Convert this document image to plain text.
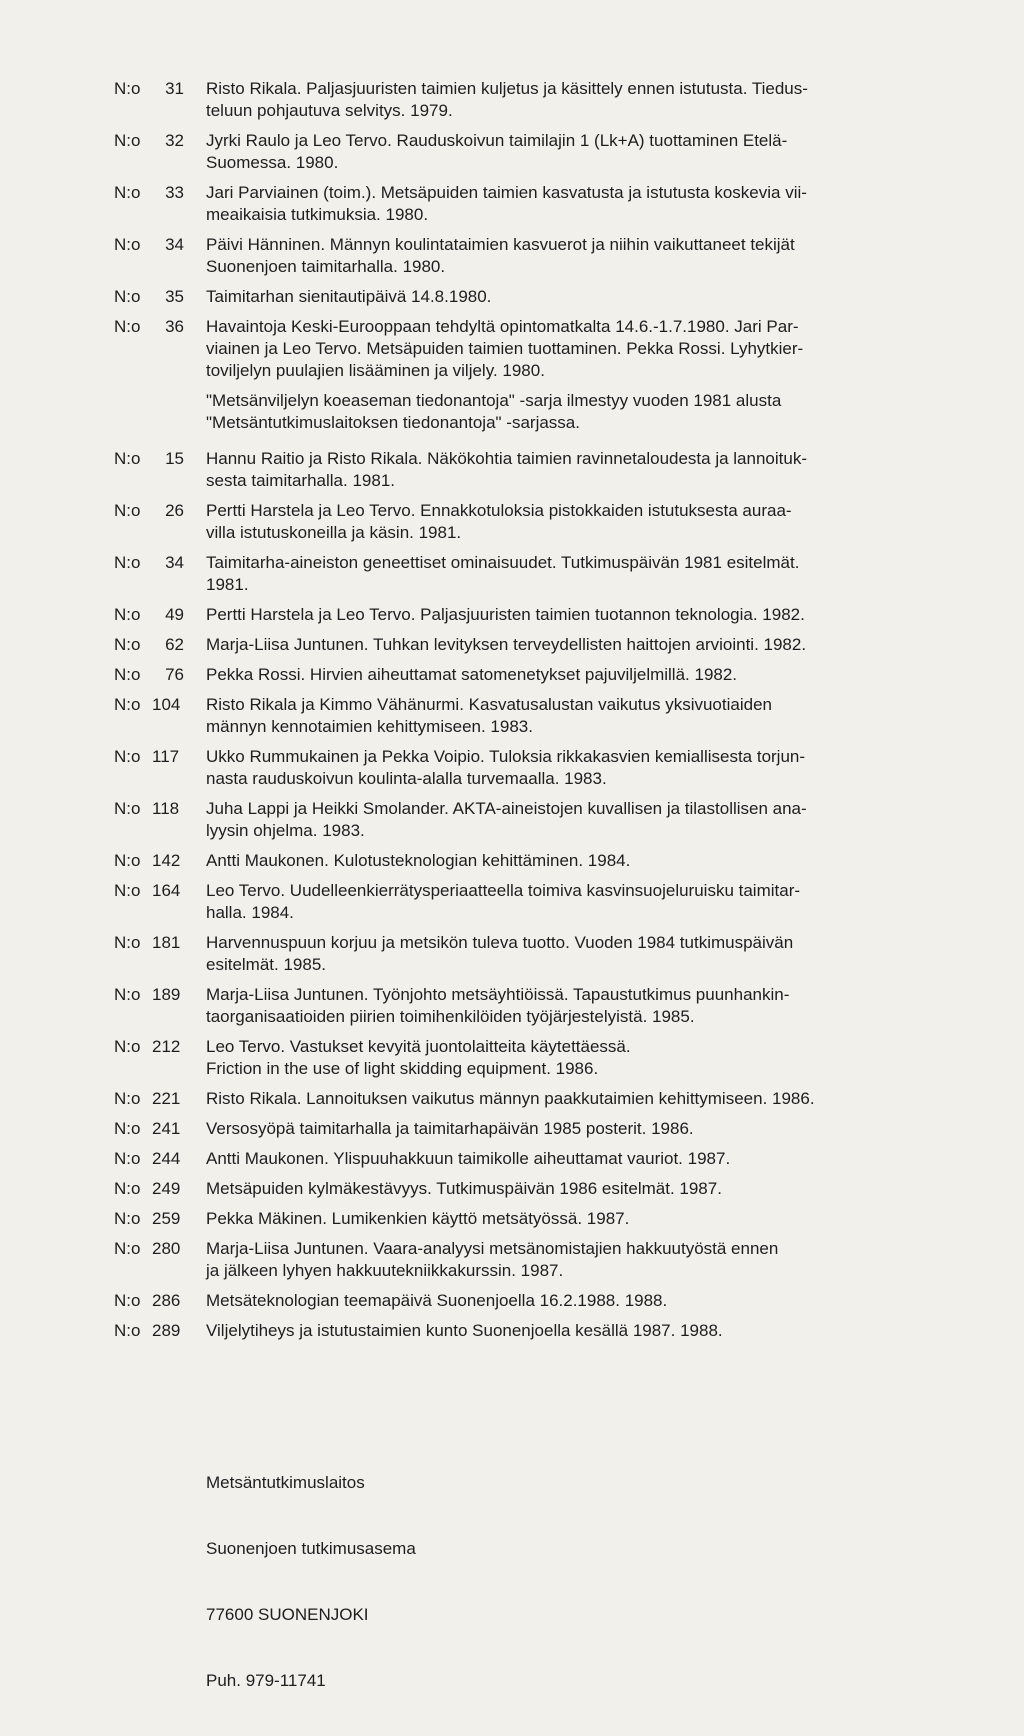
N:o	31	Risto Rikala. Paljasjuuristen taimien kuljetus ja käsittely ennen istutusta. Tiedus-
teluun pohjautuva selvitys. 1979.
N:o	32	Jyrki Raulo ja Leo Tervo. Rauduskoivun taimilajin 1 (Lk+A) tuottaminen Etelä-
Suomessa. 1980.
N:o	33	Jari Parviainen (toim.). Metsäpuiden taimien kasvatusta ja istutusta koskevia vii-
meaikaisia tutkimuksia. 1980.
N:o	34	Päivi Hänninen. Männyn koulintataimien kasvuerot ja niihin vaikuttaneet tekijät
Suonenjoen taimitarhalla. 1980.
N:o	35	Taimitarhan sienitautipäivä 14.8.1980.
N:o	36	Havaintoja Keski-Eurooppaan tehdyltä opintomatkalta 14.6.-1.7.1980. Jari Par-
viainen ja Leo Tervo. Metsäpuiden taimien tuottaminen. Pekka Rossi. Lyhytkier-
toviljelyn puulajien lisääminen ja viljely. 1980.
"Metsänviljelyn koeaseman tiedonantoja" -sarja ilmestyy vuoden 1981 alusta
"Metsäntutkimuslaitoksen tiedonantoja" -sarjassa.
N:o	15	Hannu Raitio ja Risto Rikala. Näkökohtia taimien ravinnetaloudesta ja lannoituk-
sesta taimitarhalla. 1981.
N:o	26	Pertti Harstela ja Leo Tervo. Ennakkotuloksia pistokkaiden istutuksesta auraa-
villa istutuskoneilla ja käsin. 1981.
N:o	34	Taimitarha-aineiston geneettiset ominaisuudet. Tutkimuspäivän 1981 esitelmät.
1981.
N:o	49	Pertti Harstela ja Leo Tervo. Paljasjuuristen taimien tuotannon teknologia. 1982.
N:o	62	Marja-Liisa Juntunen. Tuhkan levityksen terveydellisten haittojen arviointi. 1982.
N:o	76	Pekka Rossi. Hirvien aiheuttamat satomenetykset pajuviljelmillä. 1982.
N:o 104	Risto Rikala ja Kimmo Vähänurmi. Kasvatusalustan vaikutus yksivuotiaiden
männyn kennotaimien kehittymiseen. 1983.
N:o 117	Ukko Rummukainen ja Pekka Voipio. Tuloksia rikkakasvien kemiallisesta torjun-
nasta rauduskoivun koulinta-alalla turvemaalla. 1983.
N:o 118	Juha Lappi ja Heikki Smolander. AKTA-aineistojen kuvallisen ja tilastollisen ana-
lyysin ohjelma. 1983.
N:o 142	Antti Maukonen. Kulotusteknologian kehittäminen. 1984.
N:o 164	Leo Tervo. Uudelleenkierrätysperiaatteella toimiva kasvinsuojeluruisku taimitar-
halla. 1984.
N:o 181	Harvennuspuun korjuu ja metsikön tuleva tuotto. Vuoden 1984 tutkimuspäivän
esitelmät. 1985.
N:o 189	Marja-Liisa Juntunen. Työnjohto metsäyhtiöissä. Tapaustutkimus puunhankin-
taorganisaatioiden piirien toimihenkilöiden työjärjestelyistä. 1985.
N:o 212	Leo Tervo. Vastukset kevyitä juontolaitteita käytettäessä.
Friction in the use of light skidding equipment. 1986.
N:o 221	Risto Rikala. Lannoituksen vaikutus männyn paakkutaimien kehittymiseen. 1986.
N:o 241	Versosyöpä taimitarhalla ja taimitarhapäivän 1985 posterit. 1986.
N:o 244	Antti Maukonen. Ylispuuhakkuun taimikolle aiheuttamat vauriot. 1987.
N:o 249	Metsäpuiden kylmäkestävyys. Tutkimuspäivän 1986 esitelmät. 1987.
N:o 259	Pekka Mäkinen. Lumikenkien käyttö metsätyössä. 1987.
N:o 280	Marja-Liisa Juntunen. Vaara-analyysi metsänomistajien hakkuutyöstä ennen
ja jälkeen lyhyen hakkuutekniikkakurssin. 1987.
N:o 286	Metsäteknologian teemapäivä Suonenjoella 16.2.1988. 1988.
N:o 289	Viljelytiheys ja istutustaimien kunto Suonenjoella kesällä 1987. 1988.

Metsäntutkimuslaitos

Suonenjoen tutkimusasema

77600 SUONENJOKI

Puh. 979-11741
